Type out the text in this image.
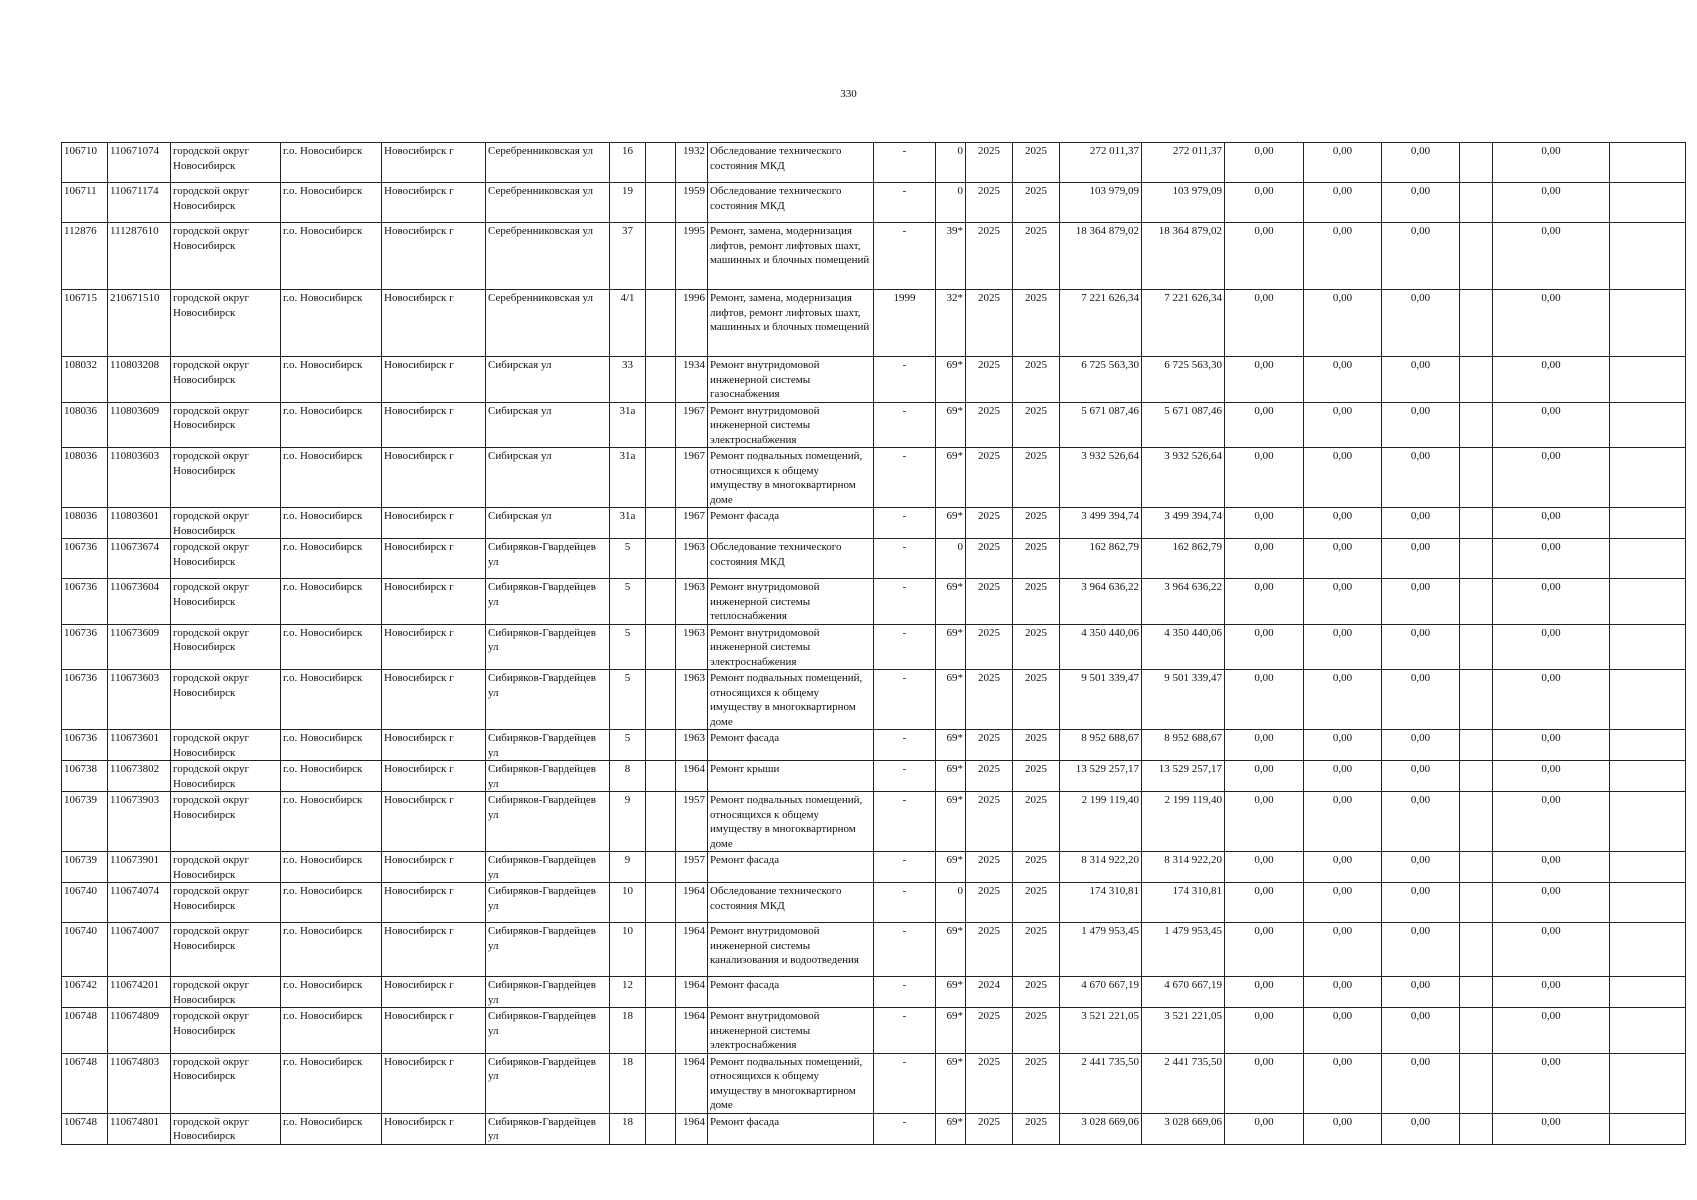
330
106710	110671074	городской округ Новосибирск	г.о. Новосибирск	Новосибирск г	Серебренниковская ул	16		1932	Обследование технического состояния МКД	-	0	2025	2025	272 011,37	272 011,37	0,00	0,00	0,00		0,00	
106711	110671174	городской округ Новосибирск	г.о. Новосибирск	Новосибирск г	Серебренниковская ул	19		1959	Обследование технического состояния МКД	-	0	2025	2025	103 979,09	103 979,09	0,00	0,00	0,00		0,00	
112876	111287610	городской округ Новосибирск	г.о. Новосибирск	Новосибирск г	Серебренниковская ул	37		1995	Ремонт, замена, модернизация лифтов, ремонт лифтовых шахт, машинных и блочных помещений	-	39*	2025	2025	18 364 879,02	18 364 879,02	0,00	0,00	0,00		0,00	
106715	210671510	городской округ Новосибирск	г.о. Новосибирск	Новосибирск г	Серебренниковская ул	4/1		1996	Ремонт, замена, модернизация лифтов, ремонт лифтовых шахт, машинных и блочных помещений	1999	32*	2025	2025	7 221 626,34	7 221 626,34	0,00	0,00	0,00		0,00	
108032	110803208	городской округ Новосибирск	г.о. Новосибирск	Новосибирск г	Сибирская ул	33		1934	Ремонт внутридомовой инженерной системы газоснабжения	-	69*	2025	2025	6 725 563,30	6 725 563,30	0,00	0,00	0,00		0,00	
108036	110803609	городской округ Новосибирск	г.о. Новосибирск	Новосибирск г	Сибирская ул	31а		1967	Ремонт внутридомовой инженерной системы электроснабжения	-	69*	2025	2025	5 671 087,46	5 671 087,46	0,00	0,00	0,00		0,00	
108036	110803603	городской округ Новосибирск	г.о. Новосибирск	Новосибирск г	Сибирская ул	31а		1967	Ремонт подвальных помещений, относящихся к общему имуществу в многоквартирном доме	-	69*	2025	2025	3 932 526,64	3 932 526,64	0,00	0,00	0,00		0,00	
108036	110803601	городской округ Новосибирск	г.о. Новосибирск	Новосибирск г	Сибирская ул	31а		1967	Ремонт фасада	-	69*	2025	2025	3 499 394,74	3 499 394,74	0,00	0,00	0,00		0,00	
106736	110673674	городской округ Новосибирск	г.о. Новосибирск	Новосибирск г	Сибиряков-Гвардейцев ул	5		1963	Обследование технического состояния МКД	-	0	2025	2025	162 862,79	162 862,79	0,00	0,00	0,00		0,00	
106736	110673604	городской округ Новосибирск	г.о. Новосибирск	Новосибирск г	Сибиряков-Гвардейцев ул	5		1963	Ремонт внутридомовой инженерной системы теплоснабжения	-	69*	2025	2025	3 964 636,22	3 964 636,22	0,00	0,00	0,00		0,00	
106736	110673609	городской округ Новосибирск	г.о. Новосибирск	Новосибирск г	Сибиряков-Гвардейцев ул	5		1963	Ремонт внутридомовой инженерной системы электроснабжения	-	69*	2025	2025	4 350 440,06	4 350 440,06	0,00	0,00	0,00		0,00	
106736	110673603	городской округ Новосибирск	г.о. Новосибирск	Новосибирск г	Сибиряков-Гвардейцев ул	5		1963	Ремонт подвальных помещений, относящихся к общему имуществу в многоквартирном доме	-	69*	2025	2025	9 501 339,47	9 501 339,47	0,00	0,00	0,00		0,00	
106736	110673601	городской округ Новосибирск	г.о. Новосибирск	Новосибирск г	Сибиряков-Гвардейцев ул	5		1963	Ремонт фасада	-	69*	2025	2025	8 952 688,67	8 952 688,67	0,00	0,00	0,00		0,00	
106738	110673802	городской округ Новосибирск	г.о. Новосибирск	Новосибирск г	Сибиряков-Гвардейцев ул	8		1964	Ремонт крыши	-	69*	2025	2025	13 529 257,17	13 529 257,17	0,00	0,00	0,00		0,00	
106739	110673903	городской округ Новосибирск	г.о. Новосибирск	Новосибирск г	Сибиряков-Гвардейцев ул	9		1957	Ремонт подвальных помещений, относящихся к общему имуществу в многоквартирном доме	-	69*	2025	2025	2 199 119,40	2 199 119,40	0,00	0,00	0,00		0,00	
106739	110673901	городской округ Новосибирск	г.о. Новосибирск	Новосибирск г	Сибиряков-Гвардейцев ул	9		1957	Ремонт фасада	-	69*	2025	2025	8 314 922,20	8 314 922,20	0,00	0,00	0,00		0,00	
106740	110674074	городской округ Новосибирск	г.о. Новосибирск	Новосибирск г	Сибиряков-Гвардейцев ул	10		1964	Обследование технического состояния МКД	-	0	2025	2025	174 310,81	174 310,81	0,00	0,00	0,00		0,00	
106740	110674007	городской округ Новосибирск	г.о. Новосибирск	Новосибирск г	Сибиряков-Гвардейцев ул	10		1964	Ремонт внутридомовой инженерной системы канализования и водоотведения	-	69*	2025	2025	1 479 953,45	1 479 953,45	0,00	0,00	0,00		0,00	
106742	110674201	городской округ Новосибирск	г.о. Новосибирск	Новосибирск г	Сибиряков-Гвардейцев ул	12		1964	Ремонт фасада	-	69*	2024	2025	4 670 667,19	4 670 667,19	0,00	0,00	0,00		0,00	
106748	110674809	городской округ Новосибирск	г.о. Новосибирск	Новосибирск г	Сибиряков-Гвардейцев ул	18		1964	Ремонт внутридомовой инженерной системы электроснабжения	-	69*	2025	2025	3 521 221,05	3 521 221,05	0,00	0,00	0,00		0,00	
106748	110674803	городской округ Новосибирск	г.о. Новосибирск	Новосибирск г	Сибиряков-Гвардейцев ул	18		1964	Ремонт подвальных помещений, относящихся к общему имуществу в многоквартирном доме	-	69*	2025	2025	2 441 735,50	2 441 735,50	0,00	0,00	0,00		0,00	
106748	110674801	городской округ Новосибирск	г.о. Новосибирск	Новосибирск г	Сибиряков-Гвардейцев ул	18		1964	Ремонт фасада	-	69*	2025	2025	3 028 669,06	3 028 669,06	0,00	0,00	0,00		0,00	
